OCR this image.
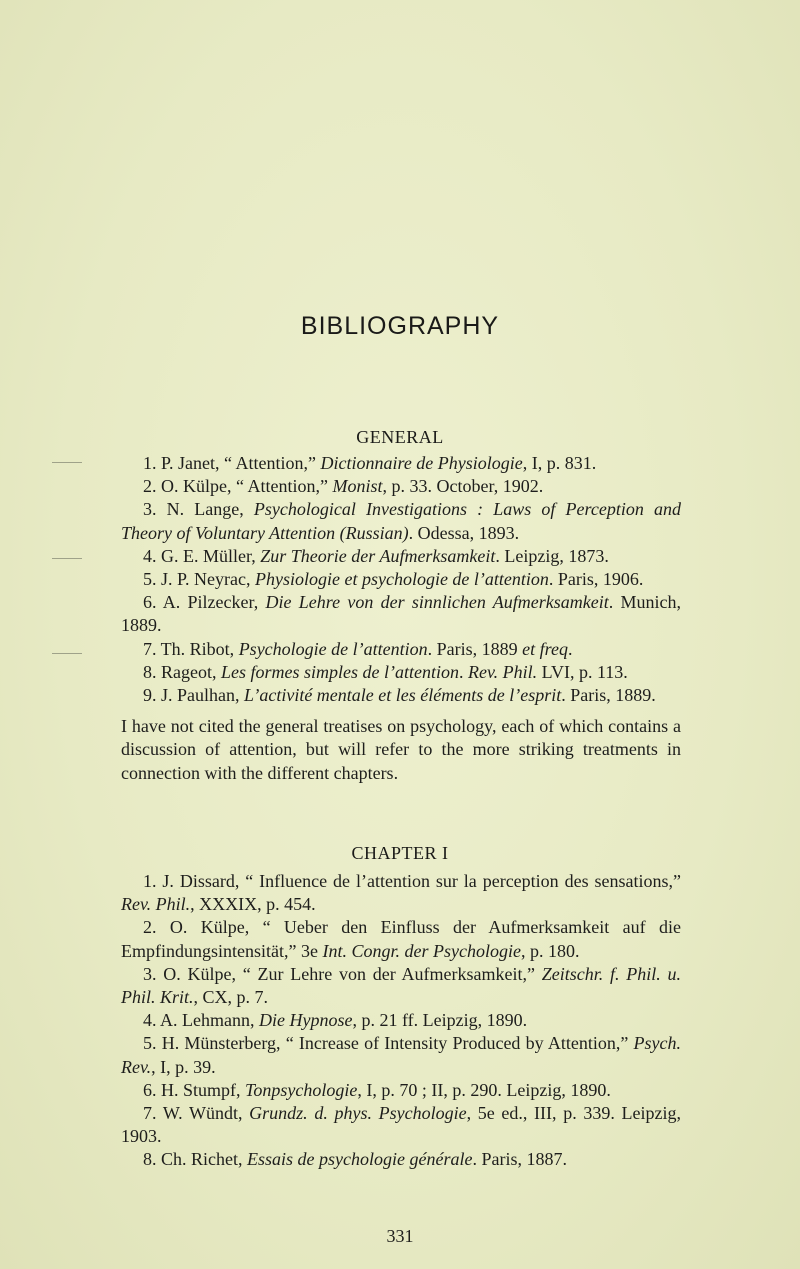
BIBLIOGRAPHY
GENERAL

1. P. Janet, “ Attention,” Dictionnaire de Physiologie, I, p. 831.

2. O. Külpe, “ Attention,” Monist, p. 33. October, 1902.

3. N. Lange, Psychological Investigations : Laws of Perception and Theory of Voluntary Attention (Russian). Odessa, 1893.

4. G. E. Müller, Zur Theorie der Aufmerksamkeit. Leipzig, 1873.

5. J. P. Neyrac, Physiologie et psychologie de l’attention. Paris, 1906.

6. A. Pilzecker, Die Lehre von der sinnlichen Aufmerksamkeit. Munich, 1889.

7. Th. Ribot, Psychologie de l’attention. Paris, 1889 et freq.

8. Rageot, Les formes simples de l’attention. Rev. Phil. LVI, p. 113.

9. J. Paulhan, L’activité mentale et les éléments de l’esprit. Paris, 1889.

I have not cited the general treatises on psychology, each of which contains a discussion of attention, but will refer to the more striking treatments in connection with the different chapters.

CHAPTER I

1. J. Dissard, “ Influence de l’attention sur la perception des sensations,” Rev. Phil., XXXIX, p. 454.

2. O. Külpe, “ Ueber den Einfluss der Aufmerksamkeit auf die Empfindungsintensität,” 3e Int. Congr. der Psychologie, p. 180.

3. O. Külpe, “ Zur Lehre von der Aufmerksamkeit,” Zeitschr. f. Phil. u. Phil. Krit., CX, p. 7.

4. A. Lehmann, Die Hypnose, p. 21 ff. Leipzig, 1890.

5. H. Münsterberg, “ Increase of Intensity Produced by Attention,” Psych. Rev., I, p. 39.

6. H. Stumpf, Tonpsychologie, I, p. 70 ; II, p. 290. Leipzig, 1890.

7. W. Wündt, Grundz. d. phys. Psychologie, 5e ed., III, p. 339. Leipzig, 1903.

8. Ch. Richet, Essais de psychologie générale. Paris, 1887.

331
